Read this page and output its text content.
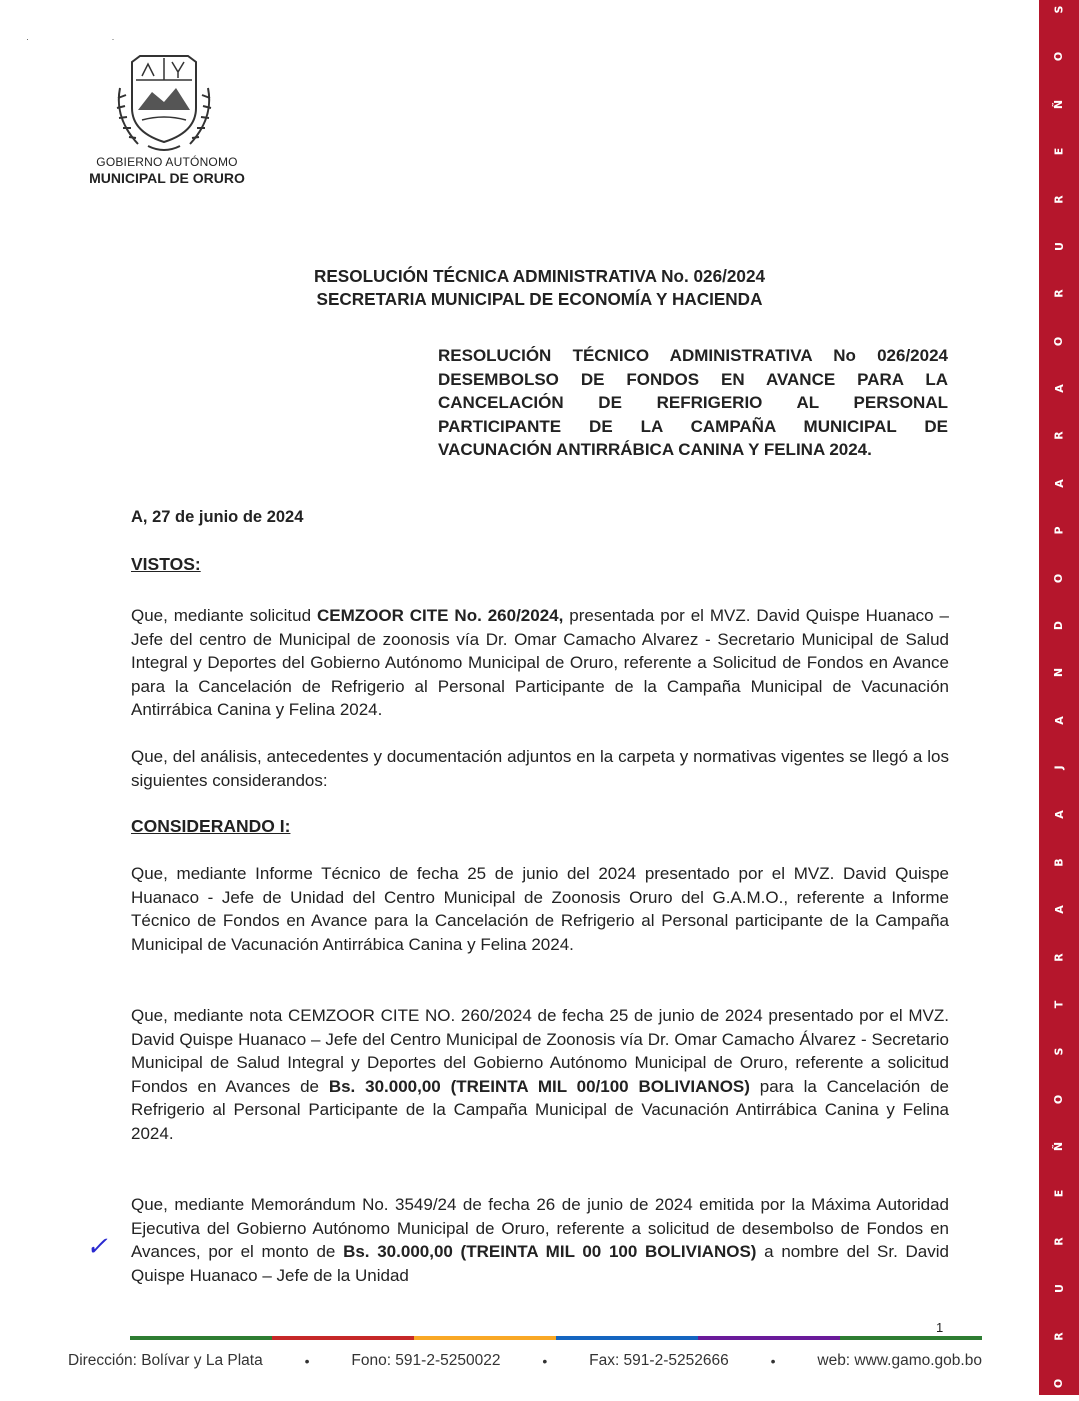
· ·
GOBIERNO AUTÓNOMO
MUNICIPAL DE ORURO
RESOLUCIÓN TÉCNICA ADMINISTRATIVA No. 026/2024
SECRETARIA MUNICIPAL DE ECONOMÍA Y HACIENDA
RESOLUCIÓN TÉCNICO ADMINISTRATIVA No 026/2024 DESEMBOLSO DE FONDOS EN AVANCE PARA LA CANCELACIÓN DE REFRIGERIO AL PERSONAL PARTICIPANTE DE LA CAMPAÑA MUNICIPAL DE VACUNACIÓN ANTIRRÁBICA CANINA Y FELINA 2024.
A, 27 de junio de 2024
VISTOS:
Que, mediante solicitud CEMZOOR CITE No. 260/2024, presentada por el MVZ. David Quispe Huanaco – Jefe del centro de Municipal de zoonosis vía Dr. Omar Camacho Alvarez - Secretario Municipal de Salud Integral y Deportes del Gobierno Autónomo Municipal de Oruro, referente a Solicitud de Fondos en Avance para la Cancelación de Refrigerio al Personal Participante de la Campaña Municipal de Vacunación Antirrábica Canina y Felina 2024.
Que, del análisis, antecedentes y documentación adjuntos en la carpeta y normativas vigentes se llegó a los siguientes considerandos:
CONSIDERANDO I:
Que, mediante Informe Técnico de fecha 25 de junio del 2024 presentado por el MVZ. David Quispe Huanaco - Jefe de Unidad del Centro Municipal de Zoonosis Oruro del G.A.M.O., referente a Informe Técnico de Fondos en Avance para la Cancelación de Refrigerio al Personal participante de la Campaña Municipal de Vacunación Antirrábica Canina y Felina 2024.
Que, mediante nota CEMZOOR CITE NO. 260/2024 de fecha 25 de junio de 2024 presentado por el MVZ. David Quispe Huanaco – Jefe del Centro Municipal de Zoonosis vía Dr. Omar Camacho Álvarez - Secretario Municipal de Salud Integral y Deportes del Gobierno Autónomo Municipal de Oruro, referente a solicitud Fondos en Avances de Bs. 30.000,00 (TREINTA MIL 00/100 BOLIVIANOS) para la Cancelación de Refrigerio al Personal Participante de la Campaña Municipal de Vacunación Antirrábica Canina y Felina 2024.
Que, mediante Memorándum No. 3549/24 de fecha 26 de junio de 2024 emitida por la Máxima Autoridad Ejecutiva del Gobierno Autónomo Municipal de Oruro, referente a solicitud de desembolso de Fondos en Avances, por el monto de Bs. 30.000,00 (TREINTA MIL 00 100 BOLIVIANOS) a nombre del Sr. David Quispe Huanaco – Jefe de la Unidad
✓
S
O
Ñ
E
R
U
R
O
A
R
A
P
O
D
N
A
J
A
B
A
R
T
S
O
Ñ
E
R
U
R
O
1
Dirección: Bolívar y La Plata	•	Fono: 591-2-5250022	•	Fax: 591-2-5252666	•	web: www.gamo.gob.bo
